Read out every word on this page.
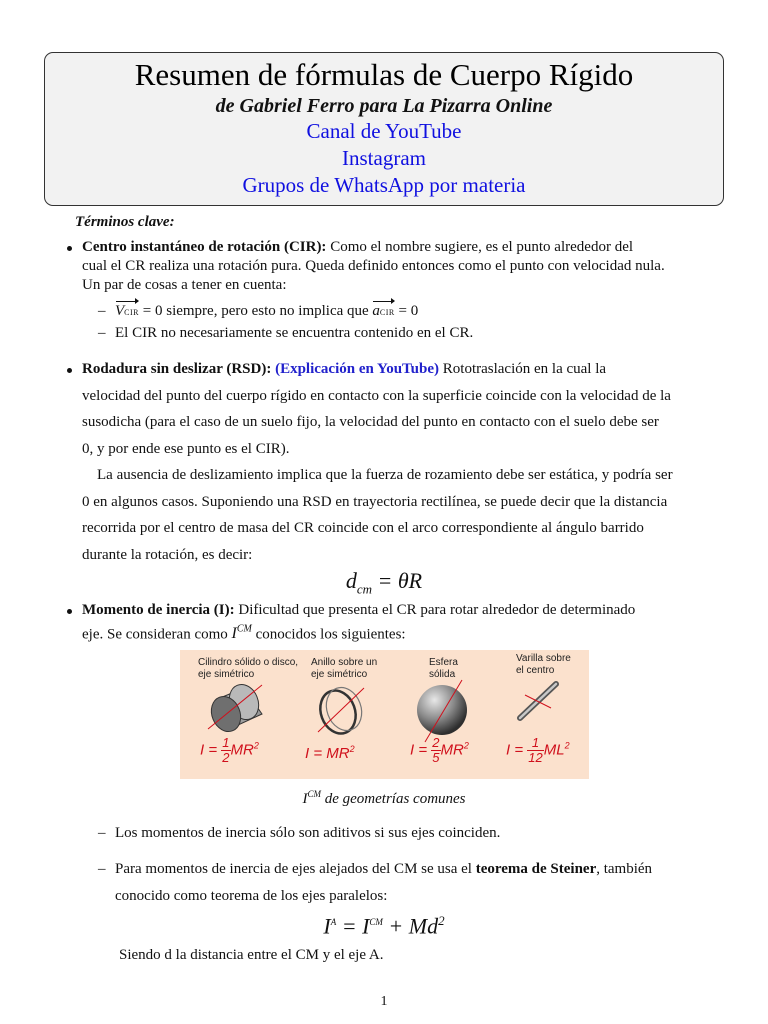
Resumen de fórmulas de Cuerpo Rígido
de Gabriel Ferro para La Pizarra Online
Canal de YouTube
Instagram
Grupos de WhatsApp por materia
Términos clave:
Centro instantáneo de rotación (CIR): Como el nombre sugiere, es el punto alrededor del
cual el CR realiza una rotación pura. Queda definido entonces como el punto con velocidad nula.
Un par de cosas a tener en cuenta:
– VCIR = 0 siempre, pero esto no implica que aCIR = 0
– El CIR no necesariamente se encuentra contenido en el CR.
Rodadura sin deslizar (RSD): (Explicación en YouTube) Rototraslación en la cual la
velocidad del punto del cuerpo rígido en contacto con la superficie coincide con la velocidad de la
susodicha (para el caso de un suelo fijo, la velocidad del punto en contacto con el suelo debe ser
0, y por ende ese punto es el CIR).
La ausencia de deslizamiento implica que la fuerza de rozamiento debe ser estática, y podría ser
0 en algunos casos. Suponiendo una RSD en trayectoria rectilínea, se puede decir que la distancia
recorrida por el centro de masa del CR coincide con el arco correspondiente al ángulo barrido
durante la rotación, es decir:
$d_{cm} = \theta R$
Momento de inercia (I): Dificultad que presenta el CR para rotar alrededor de determinado
eje. Se consideran como $I^{CM}$ conocidos los siguientes:
Cilindro sólido o disco, eje simétrico
Anillo sobre un eje simétrico
Esfera sólida
Varilla sobre el centro
$I = \frac{1}{2} MR^2$	$I = MR^2$	$I = \frac{2}{5} MR^2$ $I = \frac{1}{12} ML^2$
$I^{CM}$ de geometrías comunes
– Los momentos de inercia sólo son aditivos si sus ejes coinciden.
– Para momentos de inercia de ejes alejados del CM se usa el teorema de Steiner, también
conocido como teorema de los ejes paralelos:
$I^A = I^{CM} + Md^2$
Siendo d la distancia entre el CM y el eje A.
1
